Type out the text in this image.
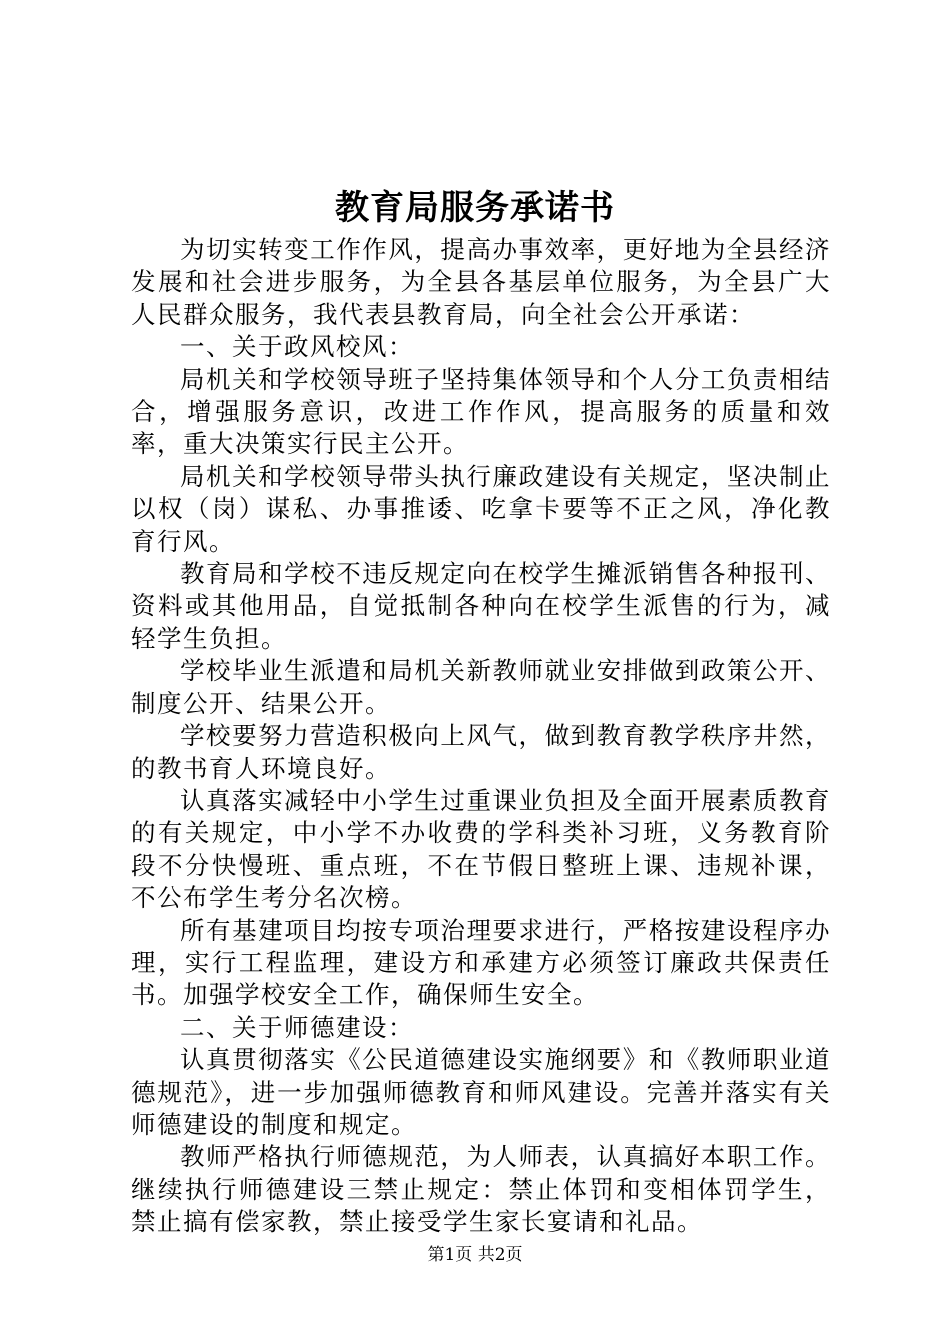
教育局服务承诺书

为切实转变工作作风，提高办事效率，更好地为全县经济发展和社会进步服务，为全县各基层单位服务，为全县广大人民群众服务，我代表县教育局，向全社会公开承诺：

一、关于政风校风：

局机关和学校领导班子坚持集体领导和个人分工负责相结合，增强服务意识，改进工作作风，提高服务的质量和效率，重大决策实行民主公开。

局机关和学校领导带头执行廉政建设有关规定，坚决制止以权（岗）谋私、办事推诿、吃拿卡要等不正之风，净化教育行风。

教育局和学校不违反规定向在校学生摊派销售各种报刊、资料或其他用品，自觉抵制各种向在校学生派售的行为，减轻学生负担。

学校毕业生派遣和局机关新教师就业安排做到政策公开、制度公开、结果公开。

学校要努力营造积极向上风气，做到教育教学秩序井然，的教书育人环境良好。

认真落实减轻中小学生过重课业负担及全面开展素质教育的有关规定，中小学不办收费的学科类补习班，义务教育阶段不分快慢班、重点班，不在节假日整班上课、违规补课，不公布学生考分名次榜。

所有基建项目均按专项治理要求进行，严格按建设程序办理，实行工程监理，建设方和承建方必须签订廉政共保责任书。加强学校安全工作，确保师生安全。

二、关于师德建设：

认真贯彻落实《公民道德建设实施纲要》和《教师职业道德规范》，进一步加强师德教育和师风建设。完善并落实有关师德建设的制度和规定。

教师严格执行师德规范，为人师表，认真搞好本职工作。继续执行师德建设三禁止规定：禁止体罚和变相体罚学生，禁止搞有偿家教，禁止接受学生家长宴请和礼品。

第1页 共2页
